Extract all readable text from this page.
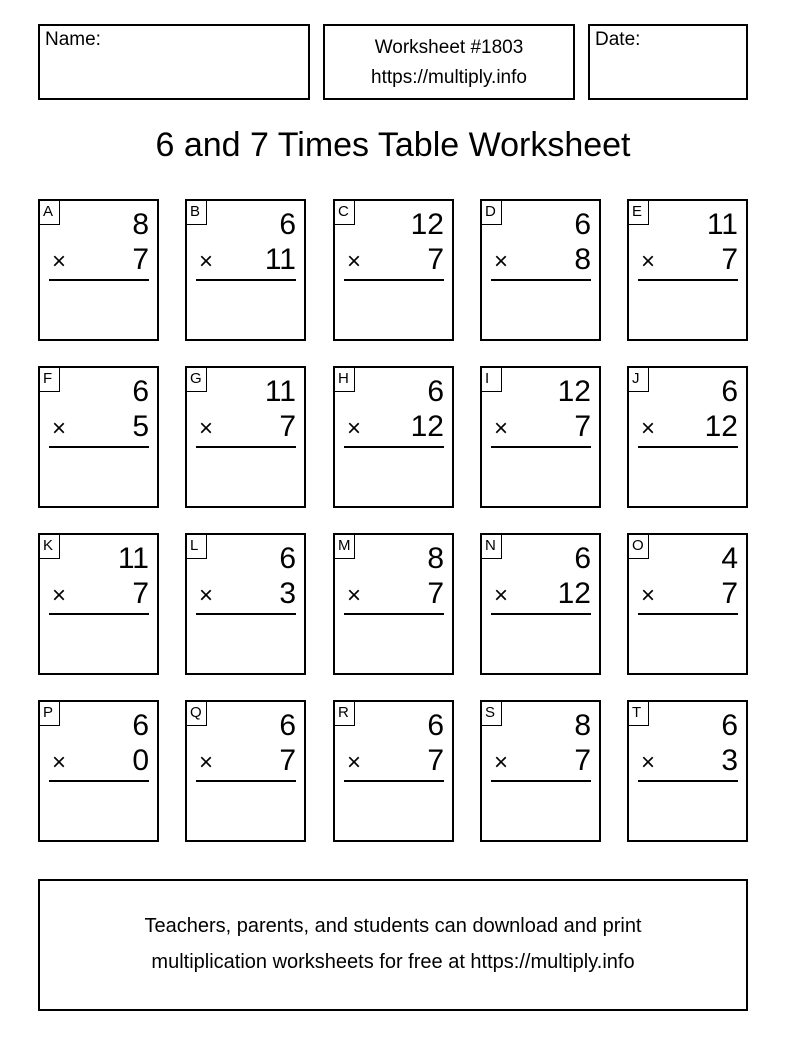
Name:	Worksheet #1803
https://multiply.info
Date:
6 and 7 Times Table Worksheet
A	8
× 7
B	6
× 11
C 12
× 7
D	6
× 8
E 11
× 7
F	6
× 5
G 11
× 7
H	6
× 12
I	12
× 7
J	6
× 12
K 11
× 7
L	6
× 3
M	8
× 7
N	6
× 12
O	4
× 7
P	6
× 0
Q	6
× 7
R	6
× 7
S	8
× 7
T	6
× 3
Teachers, parents, and students can download and print
multiplication worksheets for free at https://multiply.info
